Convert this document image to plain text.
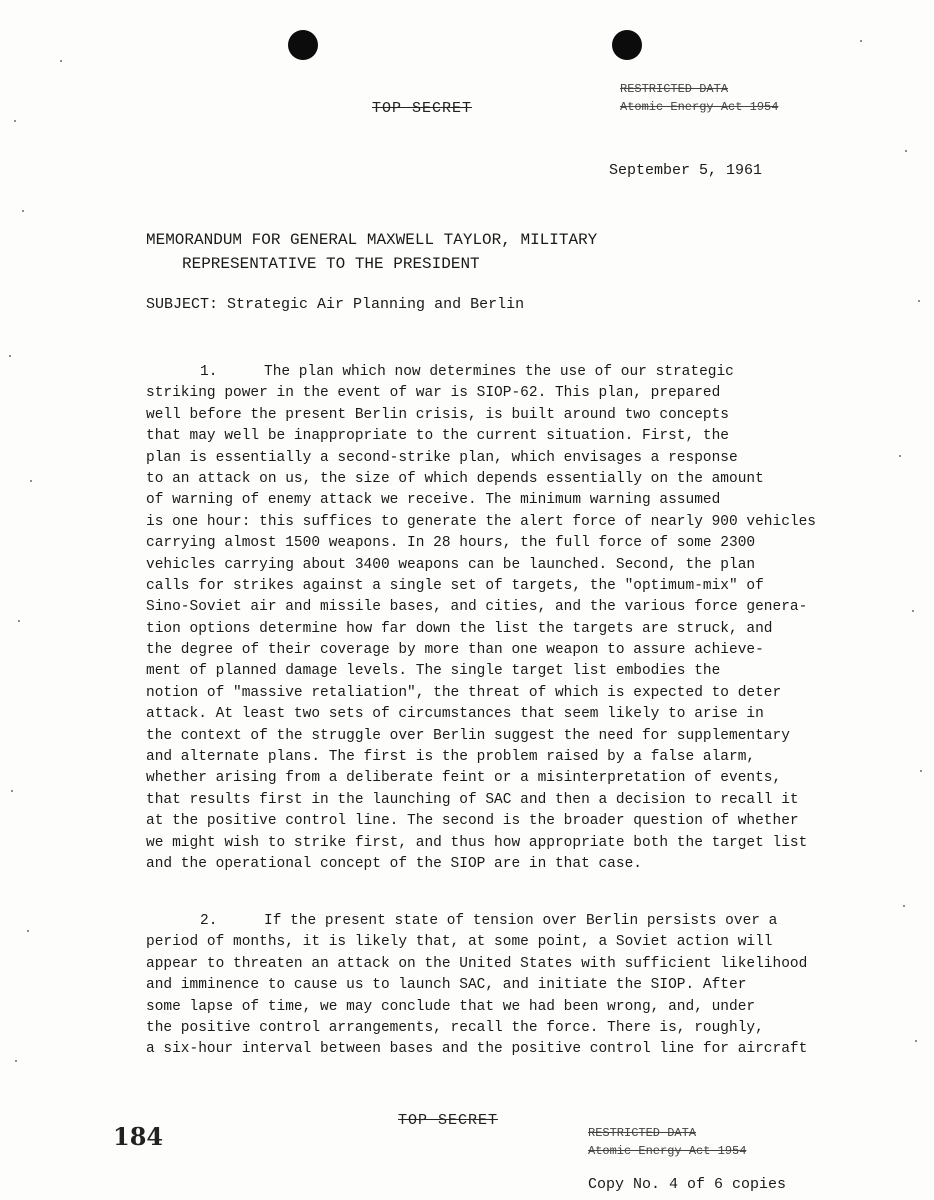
TOP SECRET
RESTRICTED DATA
Atomic Energy Act 1954
September 5, 1961
MEMORANDUM FOR GENERAL MAXWELL TAYLOR, MILITARY
REPRESENTATIVE TO THE PRESIDENT
SUBJECT: Strategic Air Planning and Berlin
1.	The plan which now determines the use of our strategic
striking power in the event of war is SIOP-62. This plan, prepared
well before the present Berlin crisis, is built around two concepts
that may well be inappropriate to the current situation. First, the
plan is essentially a second-strike plan, which envisages a response
to an attack on us, the size of which depends essentially on the amount
of warning of enemy attack we receive. The minimum warning assumed
is one hour: this suffices to generate the alert force of nearly 900 vehicles
carrying almost 1500 weapons. In 28 hours, the full force of some 2300
vehicles carrying about 3400 weapons can be launched. Second, the plan
calls for strikes against a single set of targets, the "optimum-mix" of
Sino-Soviet air and missile bases, and cities, and the various force genera-
tion options determine how far down the list the targets are struck, and
the degree of their coverage by more than one weapon to assure achieve-
ment of planned damage levels. The single target list embodies the
notion of "massive retaliation", the threat of which is expected to deter
attack. At least two sets of circumstances that seem likely to arise in
the context of the struggle over Berlin suggest the need for supplementary
and alternate plans. The first is the problem raised by a false alarm,
whether arising from a deliberate feint or a misinterpretation of events,
that results first in the launching of SAC and then a decision to recall it
at the positive control line. The second is the broader question of whether
we might wish to strike first, and thus how appropriate both the target list
and the operational concept of the SIOP are in that case.
2.	If the present state of tension over Berlin persists over a
period of months, it is likely that, at some point, a Soviet action will
appear to threaten an attack on the United States with sufficient likelihood
and imminence to cause us to launch SAC, and initiate the SIOP. After
some lapse of time, we may conclude that we had been wrong, and, under
the positive control arrangements, recall the force. There is, roughly,
a six-hour interval between bases and the positive control line for aircraft
184
TOP SECRET
RESTRICTED DATA
Atomic Energy Act 1954
Copy No. 4 of 6 copies
